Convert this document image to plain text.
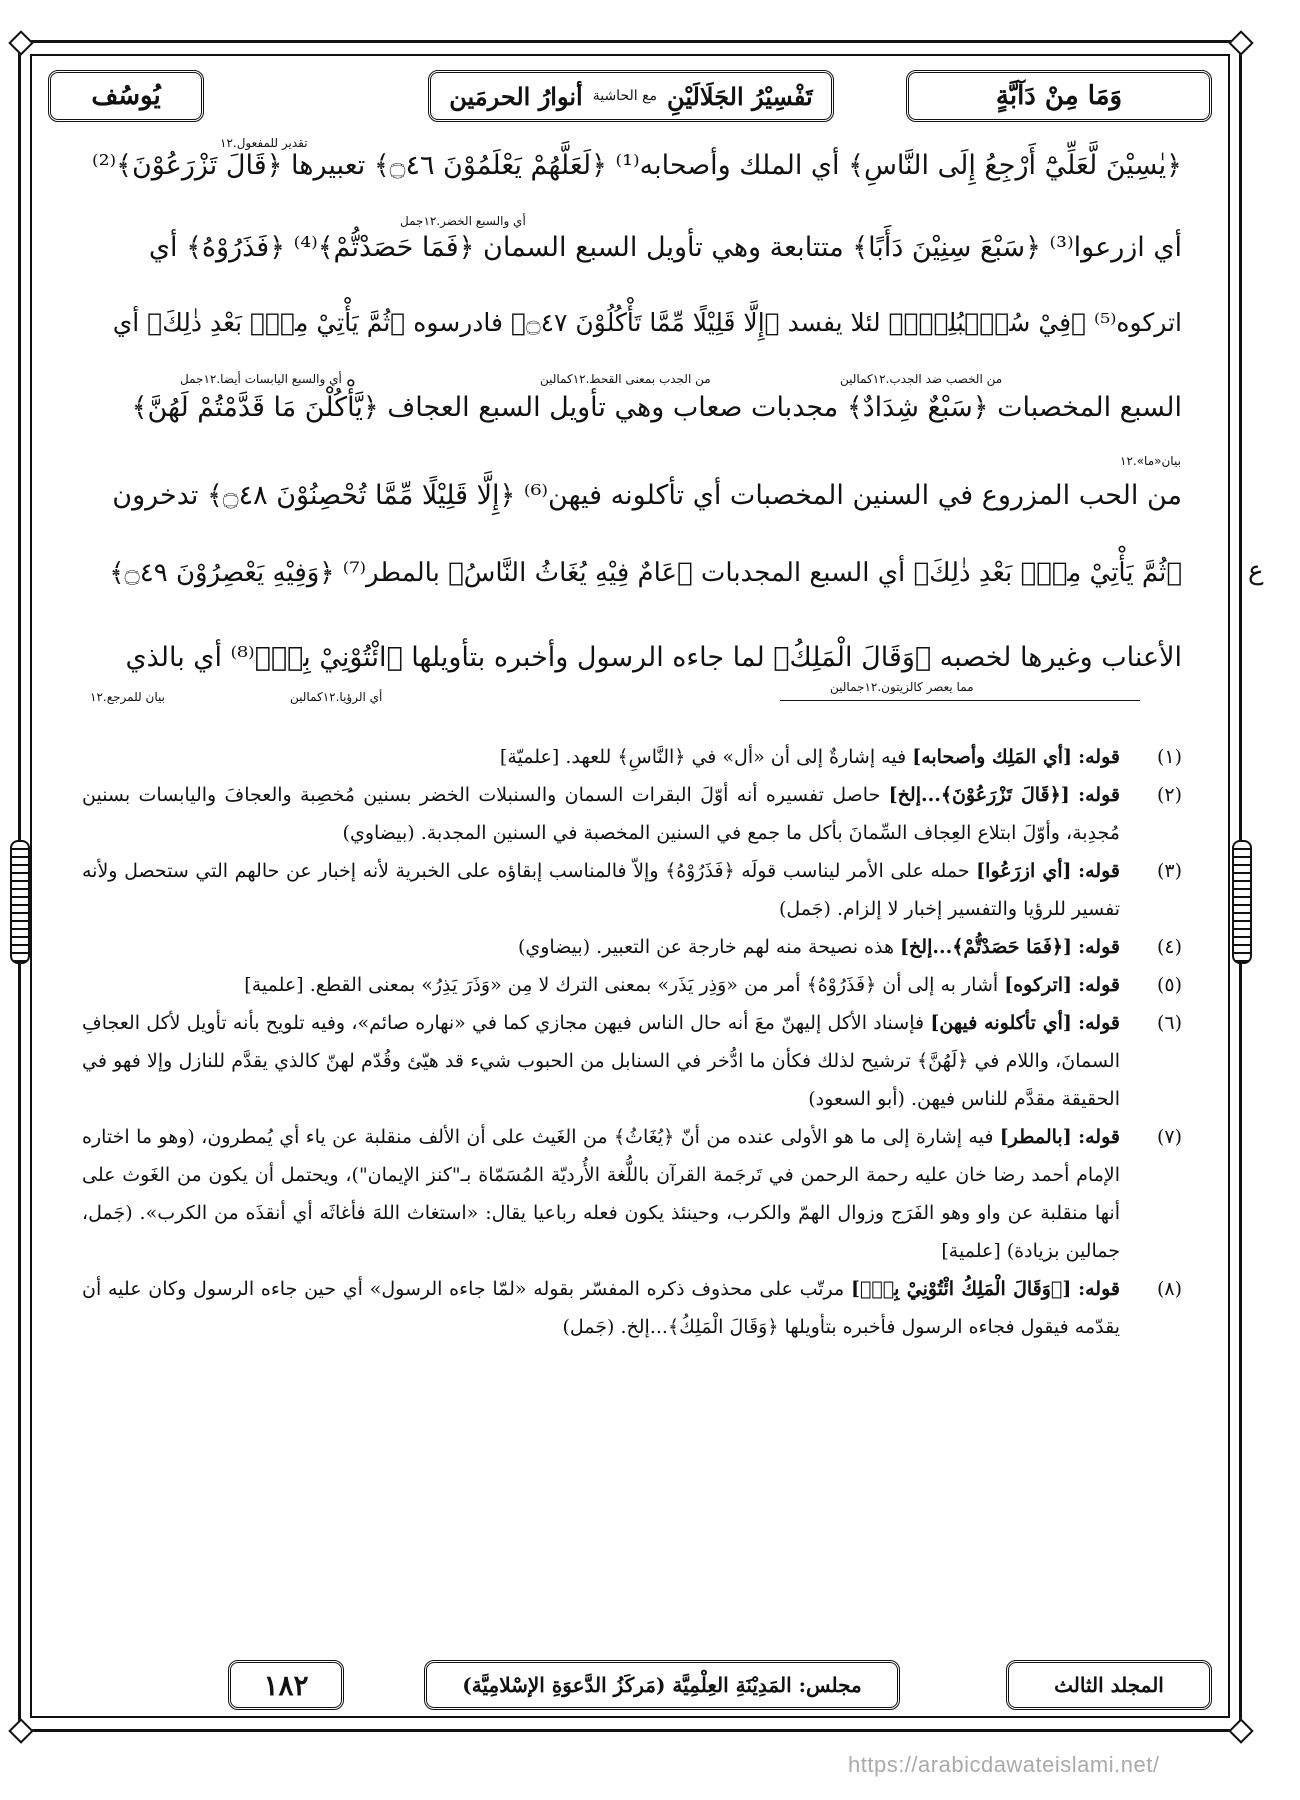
يُوسُف	تَفْسِيْرُ الجَلَالَيْنِ
مع الحاشية
أنوارُ الحرمَين	وَمَا مِنْ دَآبَّةٍ
﴿يٰسِيْنَ لَّعَلِّيْٓ أَرْجِعُ إِلَى النَّاسِ﴾ أي الملك وأصحابه⁽¹⁾ ﴿لَعَلَّهُمْ يَعْلَمُوْنَ ۝٤٦﴾ تعبيرها ﴿قَالَ تَزْرَعُوْنَ﴾⁽²⁾
أي ازرعوا⁽³⁾ ﴿سَبْعَ سِنِيْنَ دَأَبًا﴾ متتابعة وهي تأويل السبع السمان ﴿فَمَا حَصَدْتُّمْ﴾⁽⁴⁾ ﴿فَذَرُوْهُ﴾ أي
اتركوه⁽⁵⁾ ﴿فِيْ سُنْۢبُلِهٖٓ﴾ لئلا يفسد ﴿إِلَّا قَلِيْلًا مِّمَّا تَأْكُلُوْنَ ۝٤٧﴾ فادرسوه ﴿ثُمَّ يَأْتِيْ مِنْۢ بَعْدِ ذٰلِكَ﴾ أي
السبع المخصبات ﴿سَبْعٌ شِدَادٌ﴾ مجدبات صعاب وهي تأويل السبع العجاف ﴿يَّأْكُلْنَ مَا قَدَّمْتُمْ لَهُنَّ﴾
من الحب المزروع في السنين المخصبات أي تأكلونه فيهن⁽⁶⁾ ﴿إِلَّا قَلِيْلًا مِّمَّا تُحْصِنُوْنَ ۝٤٨﴾ تدخرون
﴿ثُمَّ يَأْتِيْ مِنْۢ بَعْدِ ذٰلِكَ﴾ أي السبع المجدبات ﴿عَامٌ فِيْهِ يُغَاثُ النَّاسُ﴾ بالمطر⁽⁷⁾ ﴿وَفِيْهِ يَعْصِرُوْنَ ۝٤٩﴾
الأعناب وغيرها لخصبه ﴿وَقَالَ الْمَلِكُ﴾ لما جاءه الرسول وأخبره بتأويلها ﴿ائْتُوْنِيْ بِهٖ﴾⁽⁸⁾ أي بالذي
تقدير للمفعول.١٢
أي والسبع الخضر.١٢جمل
من الخصب ضد الجدب.١٢كمالين
من الجدب بمعنى القحط.١٢كمالين
أي والسبع اليابسات أيضا.١٢جمل
بيان«ما».١٢
مما يعصر كالزيتون.١٢جمالين
أي الرؤيا.١٢كمالين
بيان للمرجع.١٢
ع

(١)
قوله: [أي المَلِك وأصحابه] فيه إشارةٌ إلى أن «أل» في ﴿النَّاسِ﴾ للعهد. [علميّة]

(٢)
قوله: [﴿قَالَ تَزْرَعُوْنَ﴾...إلخ] حاصل تفسيره أنه أوّلَ البقرات السمان والسنبلات الخضر بسنين مُخصِبة والعجافَ واليابسات بسنين مُجدِبة، وأوّلَ ابتلاع العِجاف السِّمانَ بأكل ما جمع في السنين المخصبة في السنين المجدبة. (بيضاوي)

(٣)
قوله: [أي ازرَعُوا] حمله على الأمر ليناسب قولَه ﴿فَذَرُوْهُ﴾ وإلاّ فالمناسب إبقاؤه على الخبرية لأنه إخبار عن حالهم التي ستحصل ولأنه تفسير للرؤيا والتفسير إخبار لا إلزام. (جَمل)

(٤)
قوله: [﴿فَمَا حَصَدْتُّمْ﴾...إلخ] هذه نصيحة منه لهم خارجة عن التعبير. (بيضاوي)

(٥)
قوله: [اتركوه] أشار به إلى أن ﴿فَذَرُوْهُ﴾ أمر من «وَذِر يَذَر» بمعنى الترك لا مِن «وَذَرَ يَذِرُ» بمعنى القطع. [علمية]

(٦)
قوله: [أي تأكلونه فيهن] فإسناد الأكل إليهنّ معَ أنه حال الناس فيهن مجازي كما في «نهاره صائم»، وفيه تلويح بأنه تأويل لأكل العجافِ السمانَ، واللام في ﴿لَهُنَّ﴾ ترشيح لذلك فكأن ما ادُّخر في السنابل من الحبوب شيء قد هيّئ وقُدّم لهنّ كالذي يقدَّم للنازل وإلا فهو في الحقيقة مقدَّم للناس فيهن. (أبو السعود)

(٧)
قوله: [بالمطر] فيه إشارة إلى ما هو الأولى عنده من أنّ ﴿يُغَاثُ﴾ من الغَيث على أن الألف منقلبة عن ياء أي يُمطرون، (وهو ما اختاره الإمام أحمد رضا خان عليه رحمة الرحمن في تَرجَمة القرآن باللُّغة الأُرديّة المُسَمّاة بـ"كنز الإيمان")، ويحتمل أن يكون من الغَوث على أنها منقلبة عن واو وهو الفَرَج وزوال الهمّ والكرب، وحينئذ يكون فعله رباعيا يقال: «استغاث اللهَ فأغاثَه أي أنقذَه من الكرب». (جَمل، جمالين بزيادة) [علمية]

(٨)
قوله: [﴿وَقَالَ الْمَلِكُ ائْتُوْنِيْ بِهٖ﴾] مرتّب على محذوف ذكره المفسّر بقوله «لمّا جاءه الرسول» أي حين جاءه الرسول وكان عليه أن يقدّمه فيقول فجاءه الرسول فأخبره بتأويلها ﴿وَقَالَ الْمَلِكُ﴾...إلخ. (جَمل)

١٨٢	مجلس: المَدِيْنَةِ العِلْمِيَّة (مَركَزُ الدَّعوَةِ الإسْلامِيَّة)	المجلد الثالث
https://arabicdawateislami.net/
